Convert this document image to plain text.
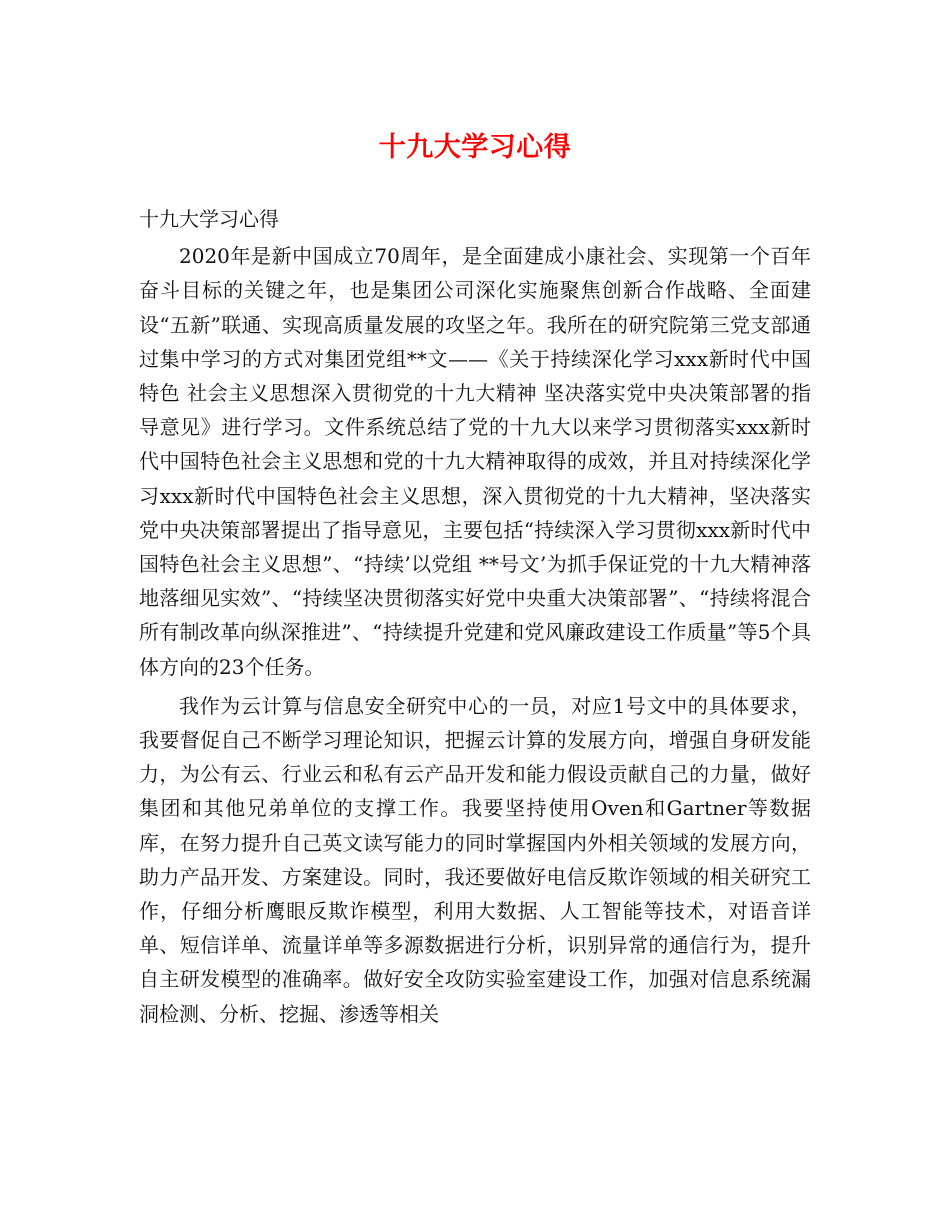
十九大学习心得
十九大学习心得

2020年是新中国成立70周年，是全面建成小康社会、实现第一个百年奋斗目标的关键之年，也是集团公司深化实施聚焦创新合作战略、全面建设“五新”联通、实现高质量发展的攻坚之年。我所在的研究院第三党支部通过集中学习的方式对集团党组**文——《关于持续深化学习xxx新时代中国特色 社会主义思想深入贯彻党的十九大精神 坚决落实党中央决策部署的指导意见》进行学习。文件系统总结了党的十九大以来学习贯彻落实xxx新时代中国特色社会主义思想和党的十九大精神取得的成效，并且对持续深化学习xxx新时代中国特色社会主义思想，深入贯彻党的十九大精神，坚决落实党中央决策部署提出了指导意见，主要包括“持续深入学习贯彻xxx新时代中国特色社会主义思想”、“持续’以党组 **号文’为抓手保证党的十九大精神落地落细见实效”、“持续坚决贯彻落实好党中央重大决策部署”、“持续将混合所有制改革向纵深推进”、“持续提升党建和党风廉政建设工作质量”等5个具体方向的23个任务。

我作为云计算与信息安全研究中心的一员，对应1号文中的具体要求，我要督促自己不断学习理论知识，把握云计算的发展方向，增强自身研发能力，为公有云、行业云和私有云产品开发和能力假设贡献自己的力量，做好集团和其他兄弟单位的支撑工作。我要坚持使用Oven和Gartner等数据库，在努力提升自己英文读写能力的同时掌握国内外相关领域的发展方向，助力产品开发、方案建设。同时，我还要做好电信反欺诈领域的相关研究工作，仔细分析鹰眼反欺诈模型，利用大数据、人工智能等技术，对语音详单、短信详单、流量详单等多源数据进行分析，识别异常的通信行为，提升自主研发模型的准确率。做好安全攻防实验室建设工作，加强对信息系统漏洞检测、分析、挖掘、渗透等相关
